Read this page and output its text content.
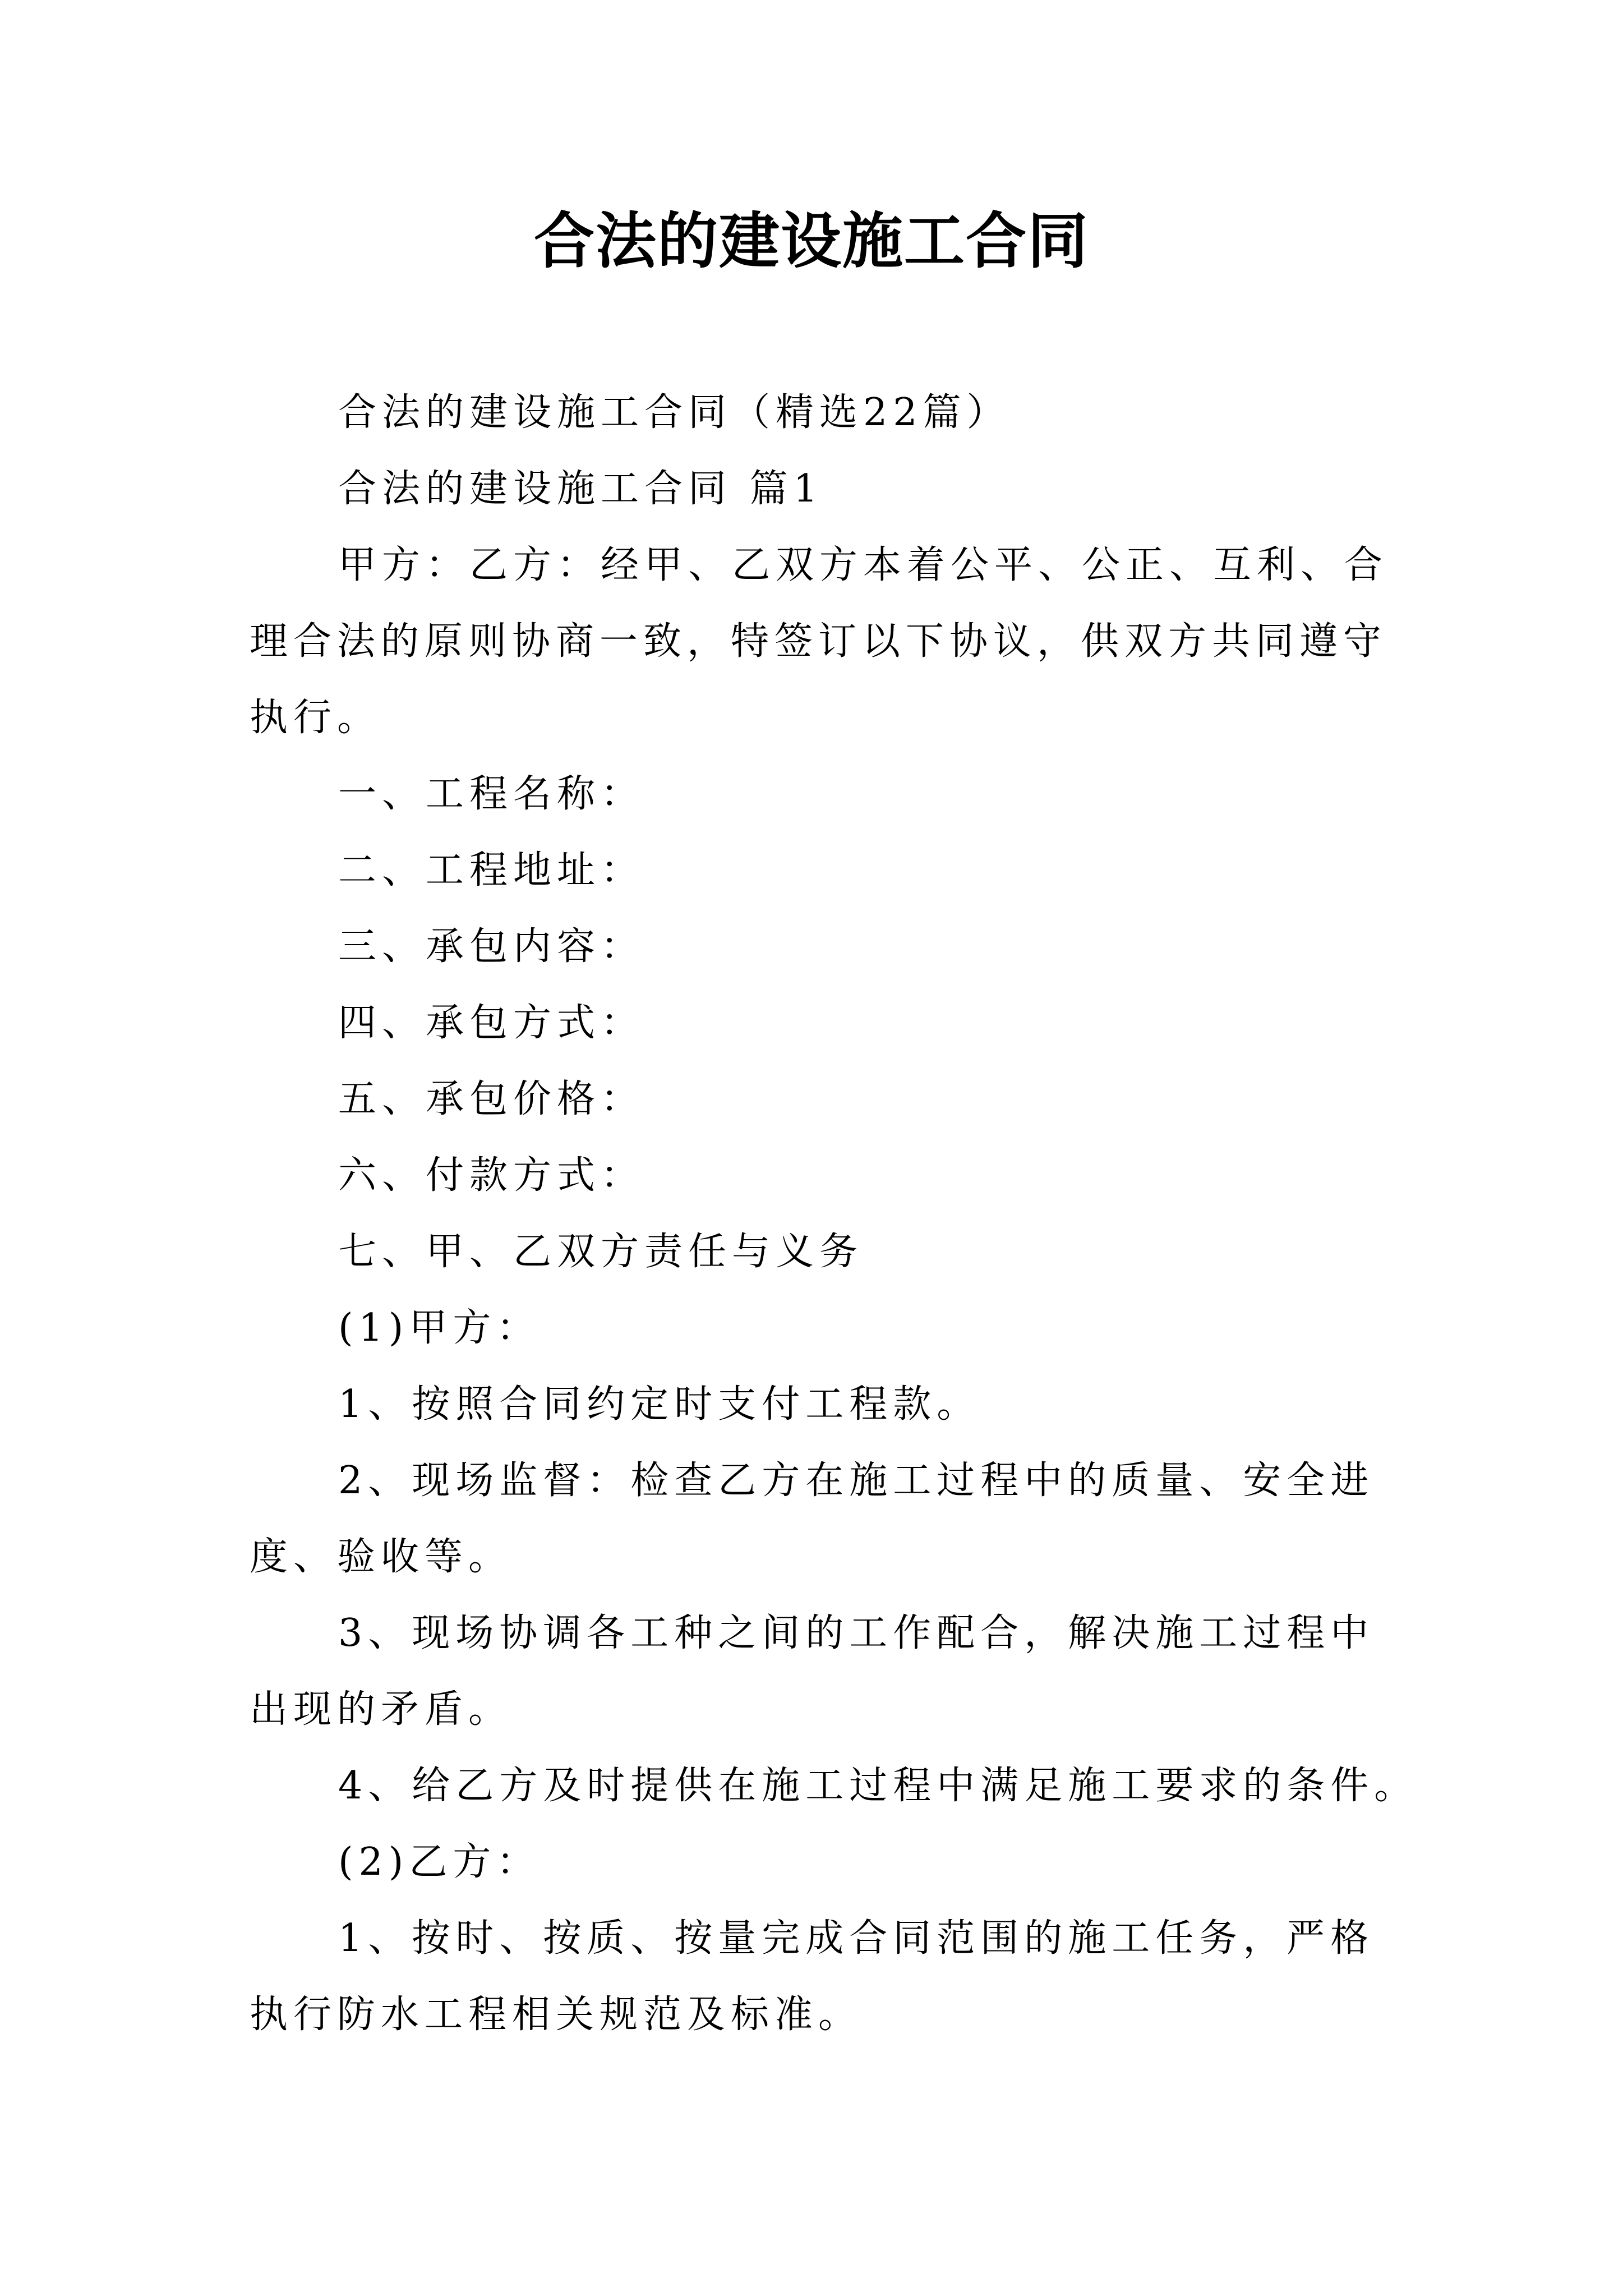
合法的建设施工合同

合法的建设施工合同（精选22篇）

合法的建设施工合同 篇1

甲方：乙方：经甲、乙双方本着公平、公正、互利、合

理合法的原则协商一致，特签订以下协议，供双方共同遵守

执行。

一、工程名称：

二、工程地址：

三、承包内容：

四、承包方式：

五、承包价格：

六、付款方式：

七、甲、乙双方责任与义务

(1)甲方：

1、按照合同约定时支付工程款。

2、现场监督：检查乙方在施工过程中的质量、安全进

度、验收等。

3、现场协调各工种之间的工作配合，解决施工过程中

出现的矛盾。

4、给乙方及时提供在施工过程中满足施工要求的条件。

(2)乙方：

1、按时、按质、按量完成合同范围的施工任务，严格

执行防水工程相关规范及标准。
